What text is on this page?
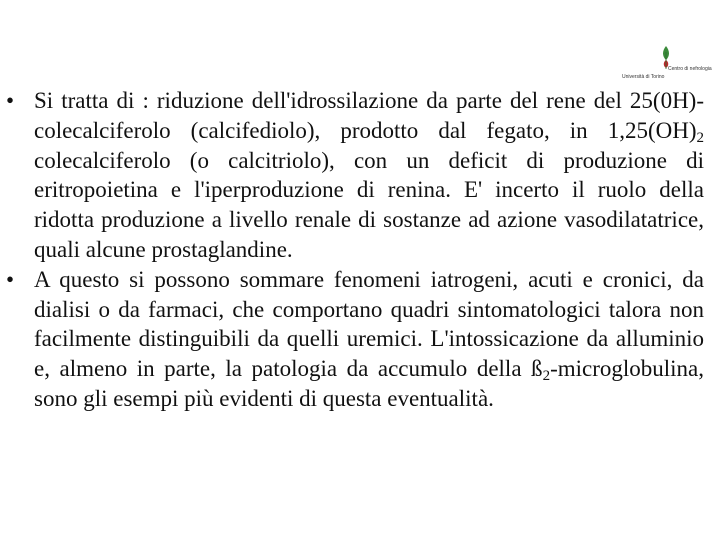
Università di Torino
Centro di nefrologia
• Si tratta di : riduzione dell'idrossilazione da parte del rene del 25(0H)-colecalciferolo (calcifediolo), prodotto dal fegato, in $1,25(OH)_2$ colecalciferolo (o calcitriolo), con un deficit di produzione di eritropoietina e l'iperproduzione di renina. E' incerto il ruolo della ridotta produzione a livello renale di sostanze ad azione vasodilatatrice, quali alcune prostaglandine.
• A questo si possono sommare fenomeni iatrogeni, acuti e cronici, da dialisi o da farmaci, che comportano quadri sintomatologici talora non facilmente distinguibili da quelli uremici. L'intossicazione da alluminio e, almeno in parte, la patologia da accumulo della $ß_2$-microglobulina, sono gli esempi più evidenti di questa eventualità.
